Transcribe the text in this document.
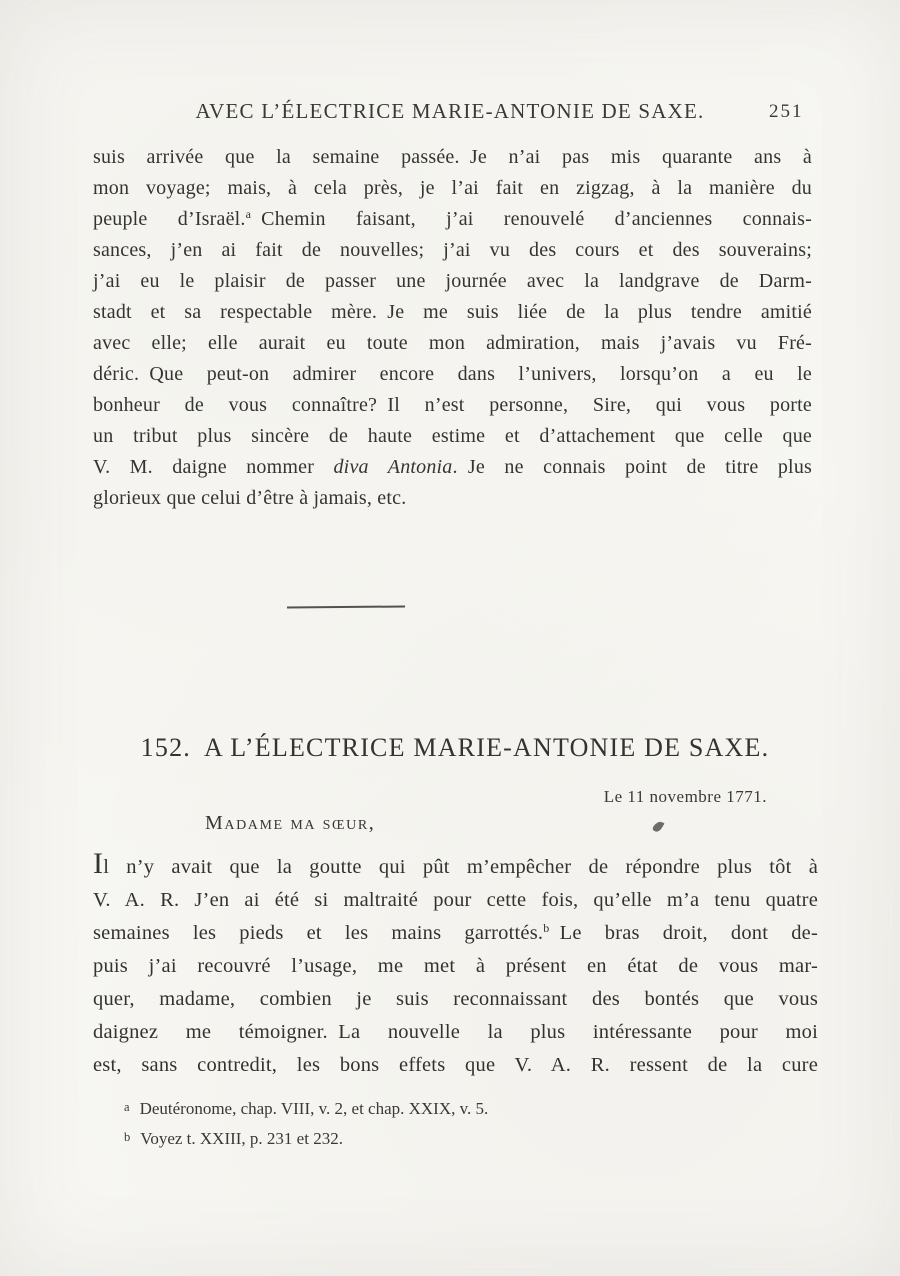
AVEC L’ÉLECTRICE MARIE-ANTONIE DE SAXE.	251
suis arrivée que la semaine passée. Je n’ai pas mis quarante ans à
mon voyage; mais, à cela près, je l’ai fait en zigzag, à la manière du
peuple d’Israël.$^a$ Chemin faisant, j’ai renouvelé d’anciennes connais-
sances, j’en ai fait de nouvelles; j’ai vu des cours et des souverains;
j’ai eu le plaisir de passer une journée avec la landgrave de Darm-
stadt et sa respectable mère. Je me suis liée de la plus tendre amitié
avec elle; elle aurait eu toute mon admiration, mais j’avais vu Fré-
déric. Que peut-on admirer encore dans l’univers, lorsqu’on a eu le
bonheur de vous connaître? Il n’est personne, Sire, qui vous porte
un tribut plus sincère de haute estime et d’attachement que celle que
V. M. daigne nommer diva Antonia. Je ne connais point de titre plus
glorieux que celui d’être à jamais, etc.
152. A L’ÉLECTRICE MARIE-ANTONIE DE SAXE.
Le 11 novembre 1771.
Madame ma sœur,
Il n’y avait que la goutte qui pût m’empêcher de répondre plus tôt à
V. A. R. J’en ai été si maltraité pour cette fois, qu’elle m’a tenu quatre
semaines les pieds et les mains garrottés.$^b$ Le bras droit, dont de-
puis j’ai recouvré l’usage, me met à présent en état de vous mar-
quer, madame, combien je suis reconnaissant des bontés que vous
daignez me témoigner. La nouvelle la plus intéressante pour moi
est, sans contredit, les bons effets que V. A. R. ressent de la cure
$^a$ Deutéronome, chap. VIII, v. 2, et chap. XXIX, v. 5.
$^b$ Voyez t. XXIII, p. 231 et 232.
